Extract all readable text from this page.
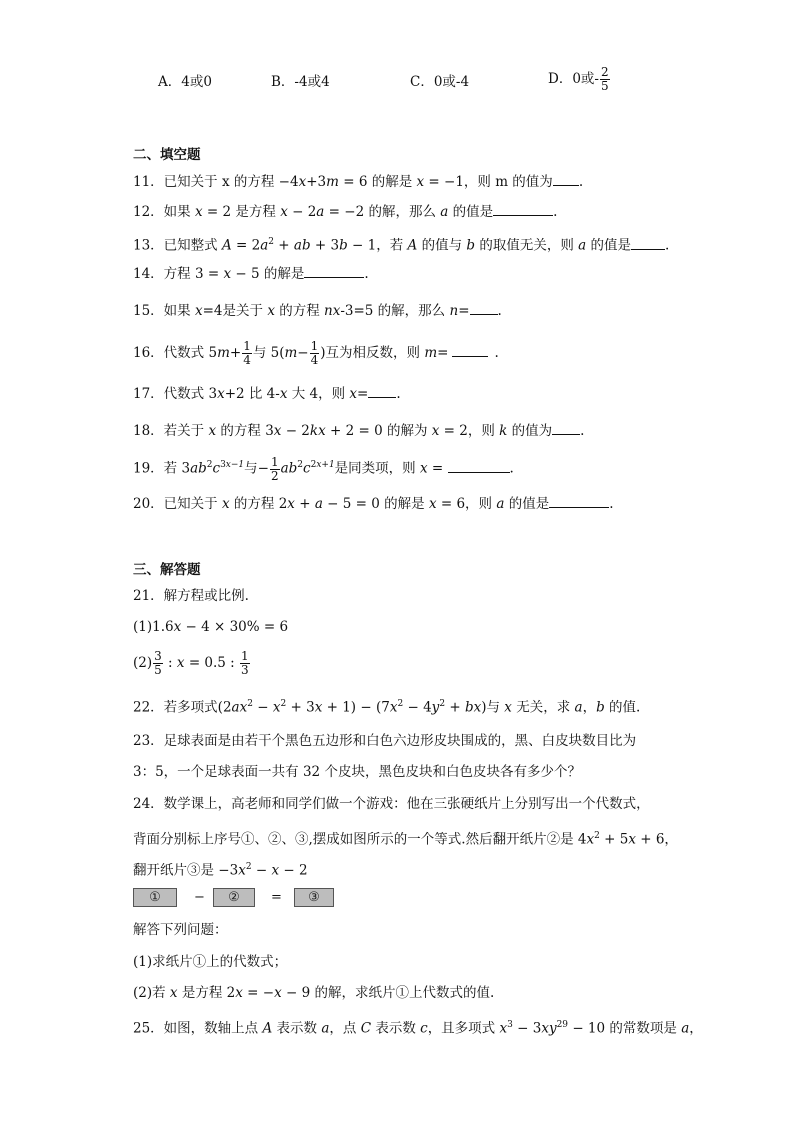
A．4或0	B．-4或4	C．0或-4	D．0或- $\frac{2}{5}$
二、填空题
11．已知关于 x 的方程 −4x+3m = 6 的解是 x = −1，则 m 的值为 .
12．如果 x = 2 是方程 x − 2a = −2 的解，那么 a 的值是	.
13．已知整式 $A = 2a^2$ + ab + 3b − 1，若 A 的值与 b 的取值无关，则 a 的值是	.
14．方程 3 = x − 5 的解是	.
15．如果 x=4是关于 x 的方程 nx-3=5 的解，那么 n= .
16．代数式 $5m+ \frac{1}{4}$ 与 $5(m- \frac{1}{4}$ )互为相反数，则 m=	.
17．代数式 3x+2 比 4-x 大 4，则 x= .
18．若关于 x 的方程 3x − 2kx + 2 = 0 的解为 x = 2，则 k 的值为 .
19．若 $3ab^2c^{3x-1}$与− $\frac{1}{2} ab^2c^{2x+1}$是同类项，则 x =	.
20．已知关于 x 的方程 2x + a − 5 = 0 的解是 x = 6，则 a 的值是	.
三、解答题
21．解方程或比例.
(1)1.6x − 4 × 30% = 6
$(2) \frac{3}{5}$ : x = 0.5 : $\frac{1}{3}$
22．若多项式$(2ax^2 - x^2 + 3x + 1) - (7x^2 - 4y^2 + bx)$与 x 无关，求 a，b 的值.
23．足球表面是由若干个黑色五边形和白色六边形皮块围成的，黑、白皮块数目比为
3：5，一个足球表面一共有 32 个皮块，黑色皮块和白色皮块各有多少个？
24．数学课上，高老师和同学们做一个游戏：他在三张硬纸片上分别写出一个代数式，
背面分别标上序号①、②、③,摆成如图所示的一个等式.然后翻开纸片②是 $4x^2 + 5x + 6$，
翻开纸片③是 $-3x^2 - x - 2$
①	−	②	=	③
解答下列问题：
(1)求纸片①上的代数式；
(2)若 x 是方程 2x = −x − 9 的解，求纸片①上代数式的值.
25．如图，数轴上点 A 表示数 a，点 C 表示数 c，且多项式 $x^3 - 3xy^{29} - 10$ 的常数项是 a，
